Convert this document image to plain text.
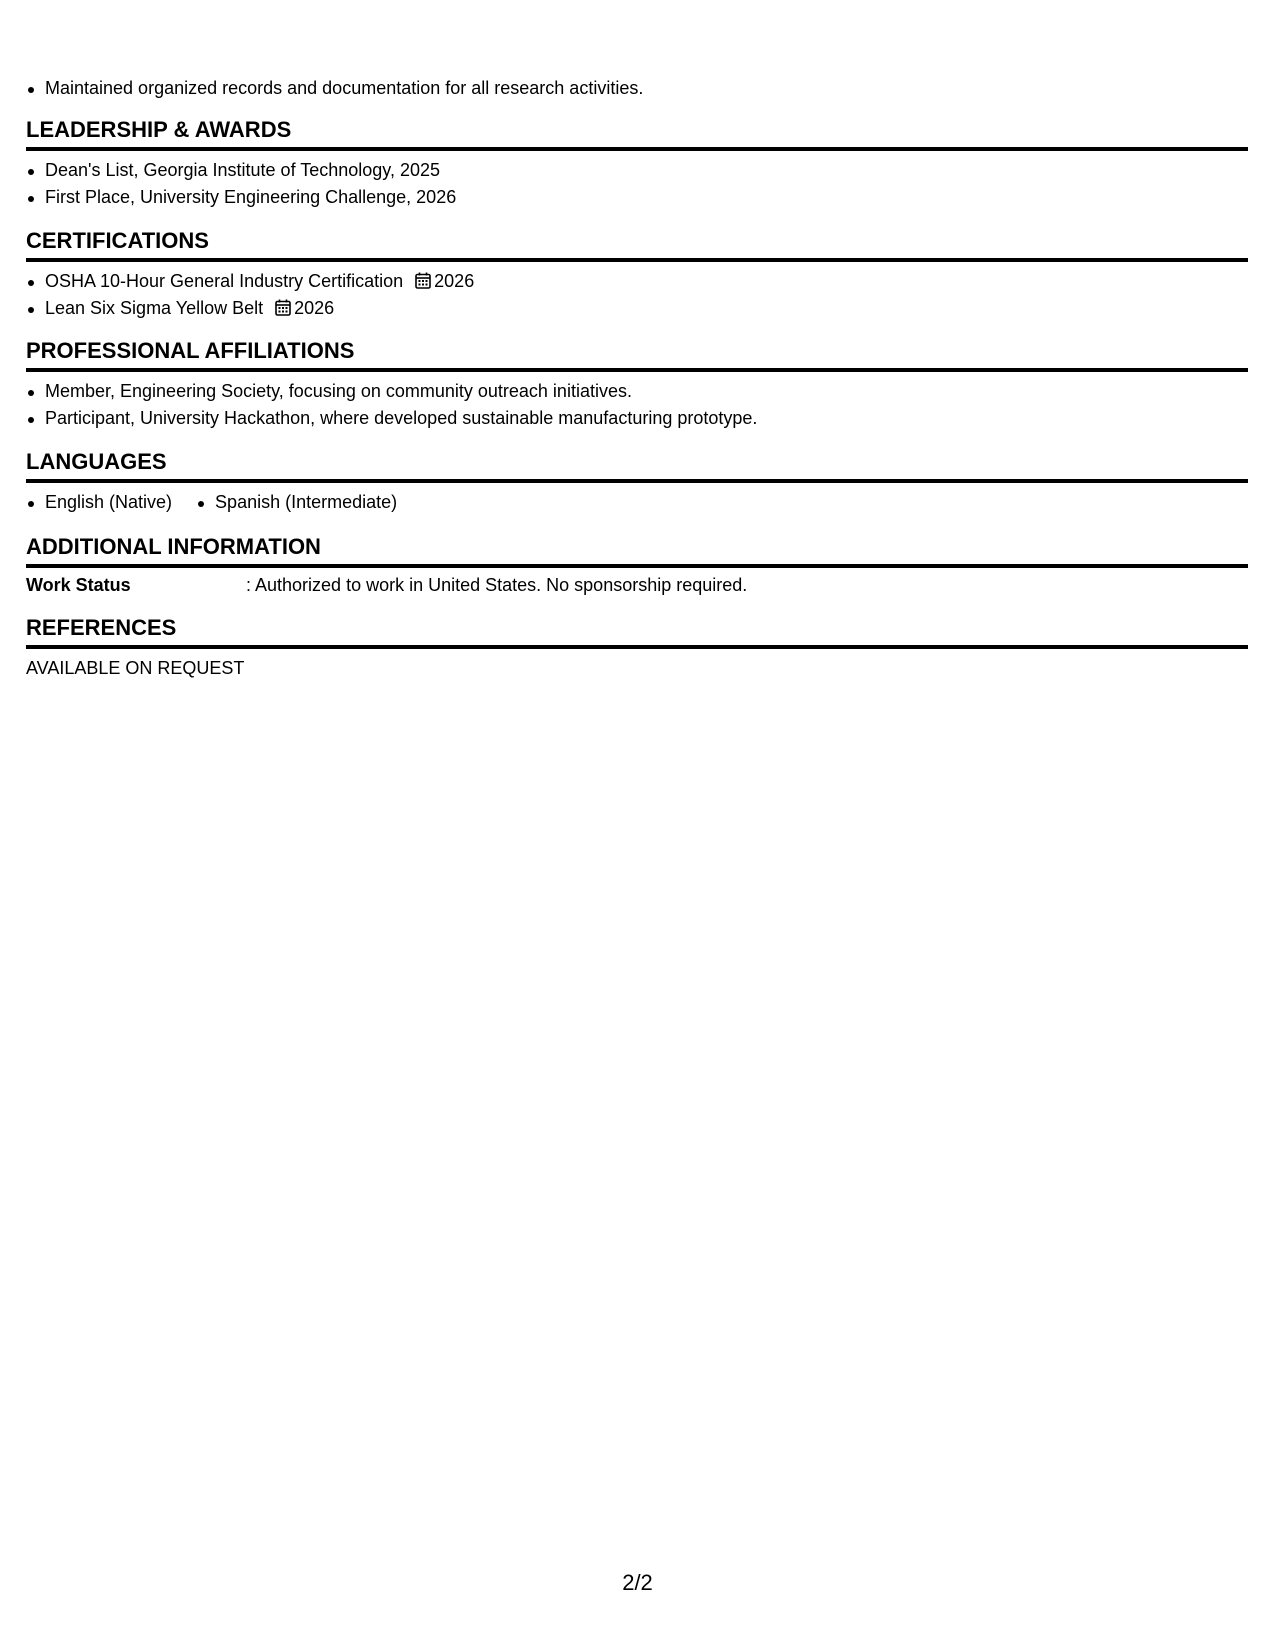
Maintained organized records and documentation for all research activities.
LEADERSHIP & AWARDS
Dean's List, Georgia Institute of Technology, 2025
First Place, University Engineering Challenge, 2026
CERTIFICATIONS
OSHA 10-Hour General Industry Certification 2026
Lean Six Sigma Yellow Belt 2026
PROFESSIONAL AFFILIATIONS
Member, Engineering Society, focusing on community outreach initiatives.
Participant, University Hackathon, where developed sustainable manufacturing prototype.
LANGUAGES
English (Native)	Spanish (Intermediate)
ADDITIONAL INFORMATION
Work Status	: Authorized to work in United States. No sponsorship required.
REFERENCES
AVAILABLE ON REQUEST
2/2
